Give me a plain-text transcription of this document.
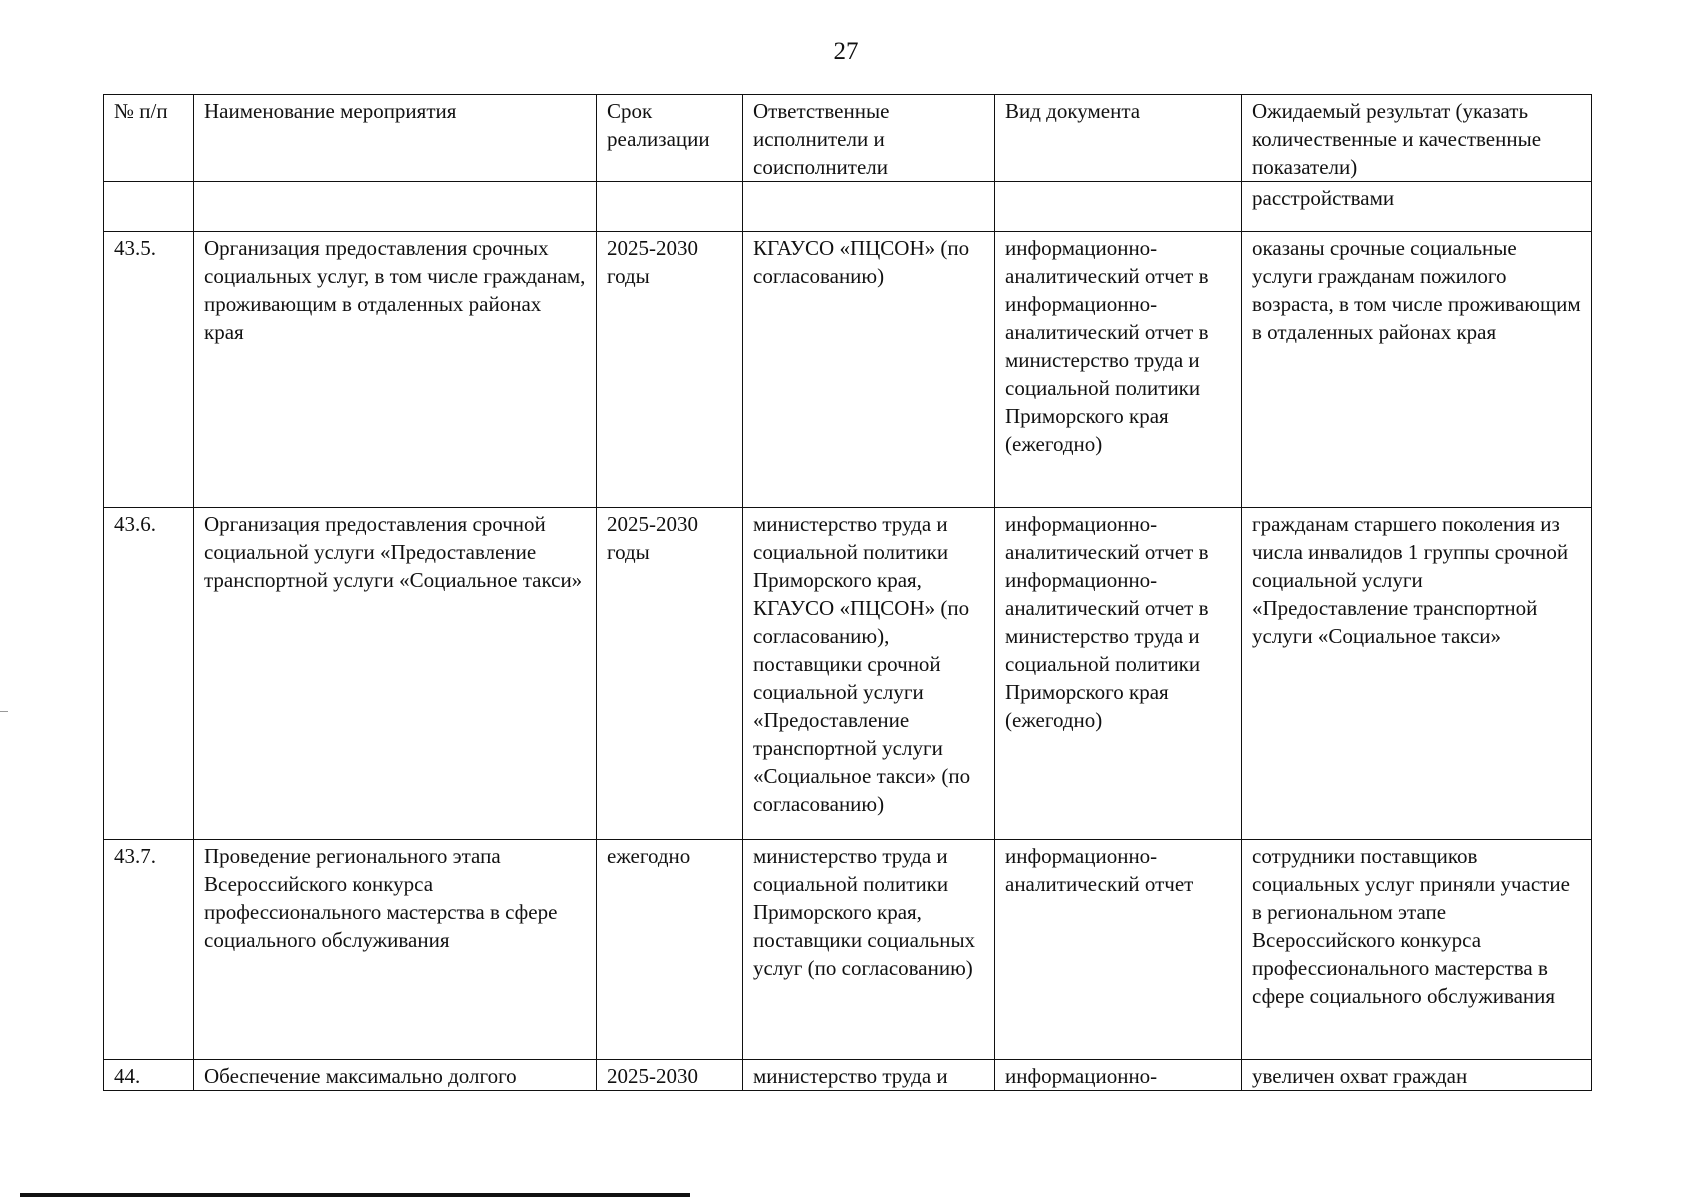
27
№ п/п	Наименование мероприятия	Срок реализации	Ответственные исполнители и соисполнители	Вид документа	Ожидаемый результат (указать количественные и качественные показатели)
					расстройствами
43.5.	Организация предоставления срочных социальных услуг, в том числе гражданам, проживающим в отдаленных районах края	2025-2030 годы	КГАУСО «ПЦСОН» (по согласованию)	информационно-аналитический отчет в информационно-аналитический отчет в министерство труда и социальной политики Приморского края (ежегодно)	оказаны срочные социальные услуги гражданам пожилого возраста, в том числе проживающим в отдаленных районах края
43.6.	Организация предоставления срочной социальной услуги «Предоставление транспортной услуги «Социальное такси»	2025-2030 годы	министерство труда и социальной политики Приморского края, КГАУСО «ПЦСОН» (по согласованию), поставщики срочной социальной услуги «Предоставление транспортной услуги «Социальное такси» (по согласованию)	информационно-аналитический отчет в информационно-аналитический отчет в министерство труда и социальной политики Приморского края (ежегодно)	гражданам старшего поколения из числа инвалидов 1 группы срочной социальной услуги «Предоставление транспортной услуги «Социальное такси»
43.7.	Проведение регионального этапа Всероссийского конкурса профессионального мастерства в сфере социального обслуживания	ежегодно	министерство труда и социальной политики Приморского края, поставщики социальных услуг (по согласованию)	информационно-аналитический отчет	сотрудники поставщиков социальных услуг приняли участие в региональном этапе Всероссийского конкурса профессионального мастерства в сфере социального обслуживания
44.	Обеспечение максимально долгого	2025-2030	министерство труда и	информационно-	увеличен охват граждан
